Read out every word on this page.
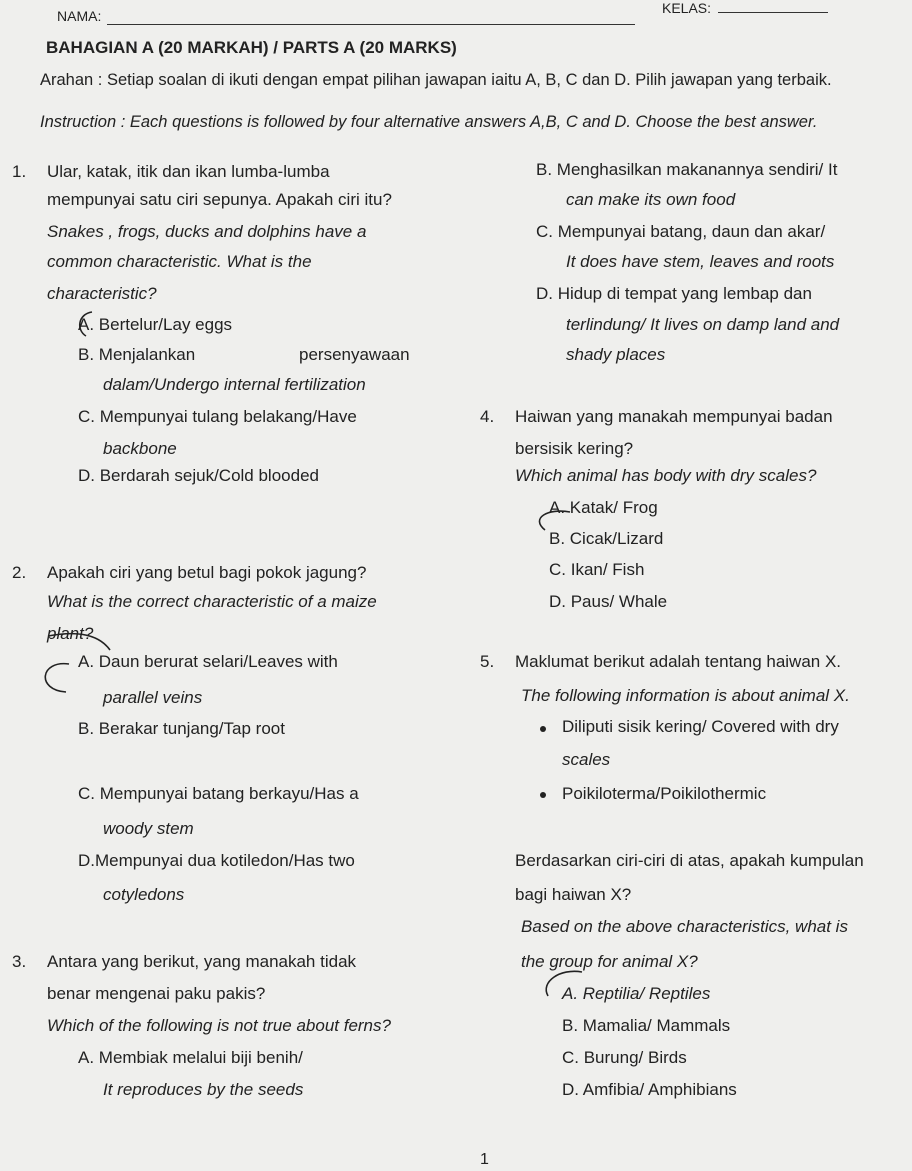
NAMA:	KELAS:
BAHAGIAN A (20 MARKAH) / PARTS A (20 MARKS)
Arahan : Setiap soalan di ikuti dengan empat pilihan jawapan iaitu A, B, C dan D. Pilih jawapan yang terbaik.
Instruction : Each questions is followed by four alternative answers A,B, C and D. Choose the best answer.
1. Ular, katak, itik dan ikan lumba-lumba
mempunyai satu ciri sepunya. Apakah ciri itu?
Snakes , frogs, ducks and dolphins have a
common characteristic. What is the
characteristic?
A. Bertelur/Lay eggs
B. Menjalankan	persenyawaan
dalam/Undergo internal fertilization
C. Mempunyai tulang belakang/Have
backbone
D. Berdarah sejuk/Cold blooded
B. Menghasilkan makanannya sendiri/ It
can make its own food
C. Mempunyai batang, daun dan akar/
It does have stem, leaves and roots
D. Hidup di tempat yang lembap dan
terlindung/ It lives on damp land and
shady places
2. Apakah ciri yang betul bagi pokok jagung?
What is the correct characteristic of a maize
plant?
A. Daun berurat selari/Leaves with
parallel veins
B. Berakar tunjang/Tap root
C. Mempunyai batang berkayu/Has a
woody stem
D.Mempunyai dua kotiledon/Has two
cotyledons
3. Antara yang berikut, yang manakah tidak
benar mengenai paku pakis?
Which of the following is not true about ferns?
A. Membiak melalui biji benih/
It reproduces by the seeds
4. Haiwan yang manakah mempunyai badan
bersisik kering?
Which animal has body with dry scales?
A. Katak/ Frog
B. Cicak/Lizard
C. Ikan/ Fish
D. Paus/ Whale
5. Maklumat berikut adalah tentang haiwan X.
The following information is about animal X.
Diliputi sisik kering/ Covered with dry
scales
Poikiloterma/Poikilothermic
Berdasarkan ciri-ciri di atas, apakah kumpulan
bagi haiwan X?
Based on the above characteristics, what is
the group for animal X?
A. Reptilia/ Reptiles
B. Mamalia/ Mammals
C. Burung/ Birds
D. Amfibia/ Amphibians
1
